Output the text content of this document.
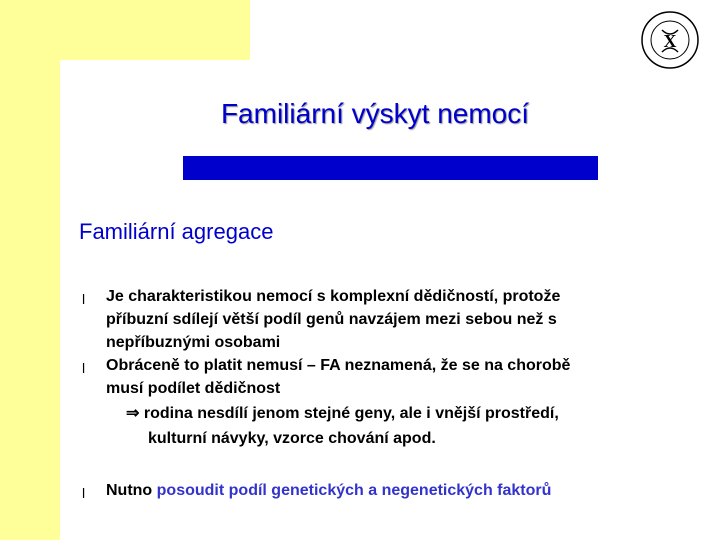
X
Familiární výskyt nemocí
Familiární agregace
l Je charakteristikou nemocí s komplexní dědičností, protože
příbuzní sdílejí větší podíl genů navzájem mezi sebou než s
nepříbuznými osobami
l Obráceně to platit nemusí – FA neznamená, že se na chorobě
musí podílet dědičnost
⇒ rodina nesdílí jenom stejné geny, ale i vnější prostředí,
kulturní návyky, vzorce chování apod.
l Nutno posoudit podíl genetických a negenetických faktorů
